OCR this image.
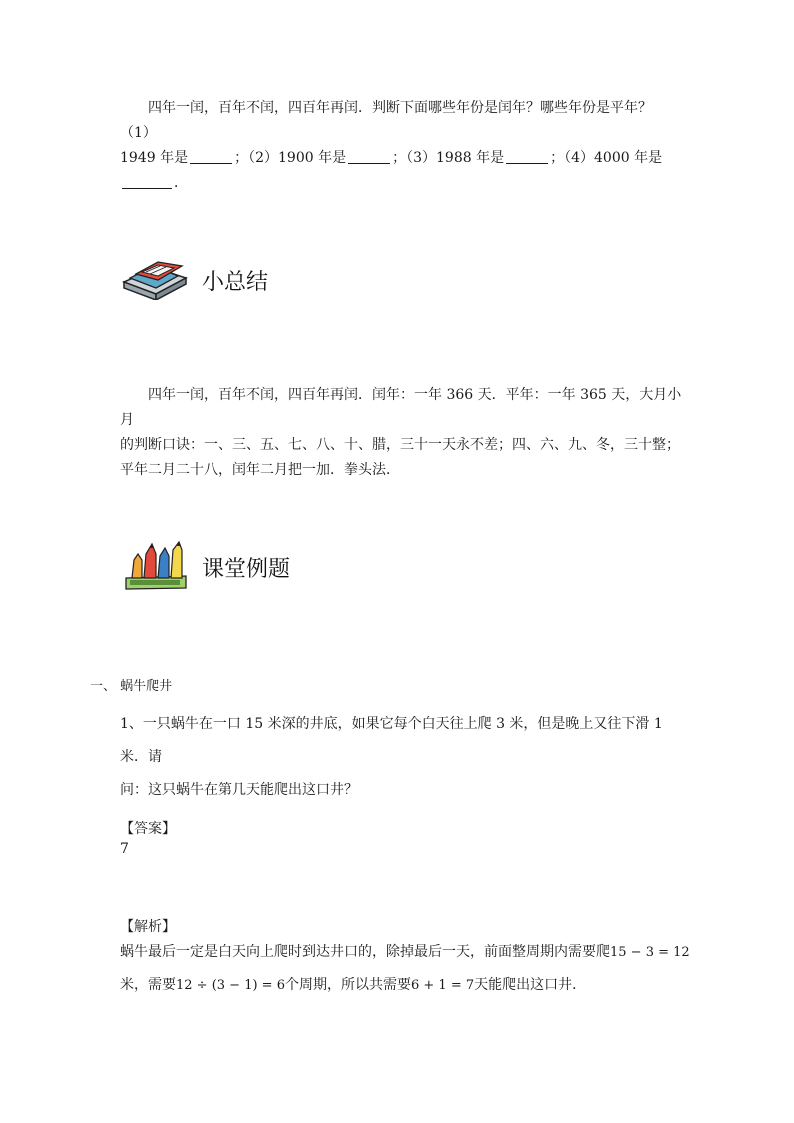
四年一闰，百年不闰，四百年再闰．判断下面哪些年份是闰年？哪些年份是平年？（1）
1949 年是	；（2）1900 年是	；（3）1988 年是	；（4）4000 年是
．
小总结
四年一闰，百年不闰，四百年再闰．闰年：一年 366 天．平年：一年 365 天，大月小月
的判断口诀：一、三、五、七、八、十、腊，三十一天永不差；四、六、九、冬，三十整；
平年二月二十八，闰年二月把一加．拳头法．
课堂例题
一、 蜗牛爬井
1、一只蜗牛在一口 15 米深的井底，如果它每个白天往上爬 3 米，但是晚上又往下滑 1 米．请
问：这只蜗牛在第几天能爬出这口井？
【答案】
7
【解析】
蜗牛最后一定是白天向上爬时到达井口的，除掉最后一天，前面整周期内需要爬15 − 3 = 12
米，需要12 ÷ (3 − 1) = 6个周期，所以共需要6 + 1 = 7天能爬出这口井．
